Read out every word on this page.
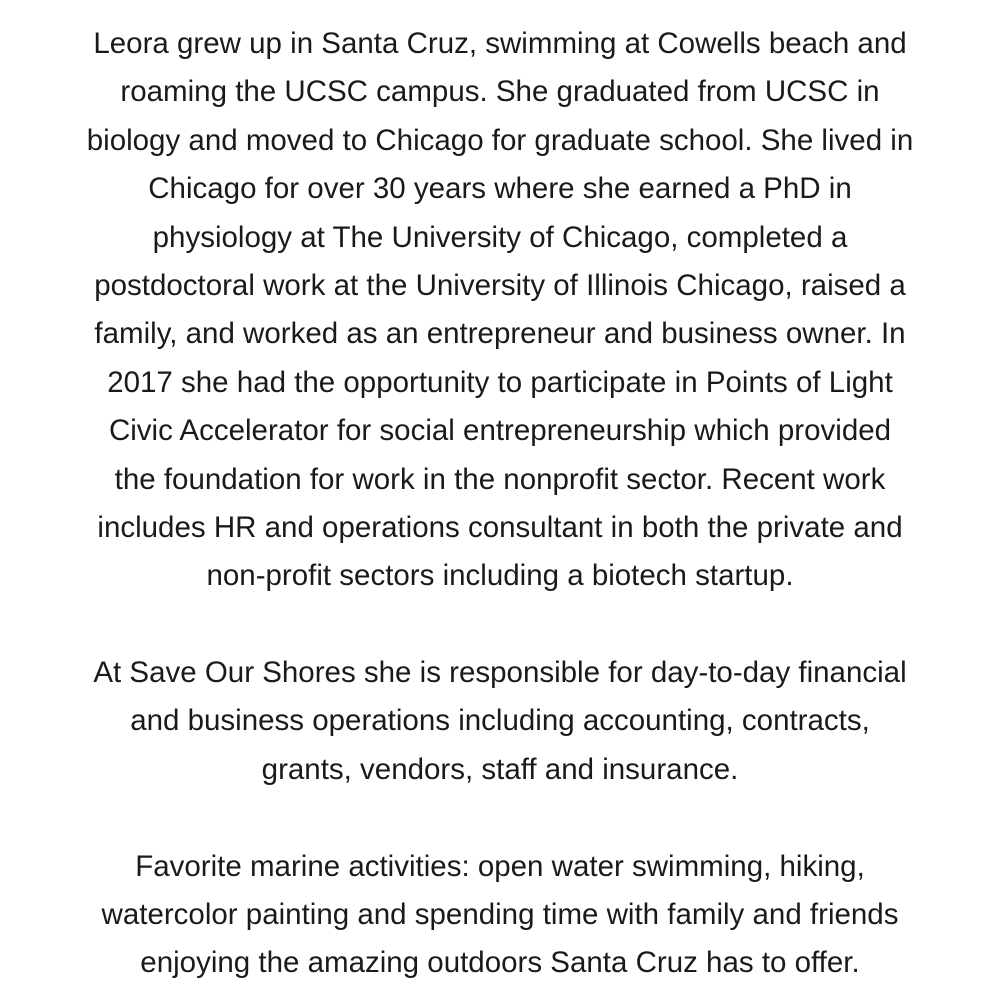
Leora grew up in Santa Cruz, swimming at Cowells beach and
roaming the UCSC campus. She graduated from UCSC in
biology and moved to Chicago for graduate school. She lived in
Chicago for over 30 years where she earned a PhD in
physiology at The University of Chicago, completed a
postdoctoral work at the University of Illinois Chicago, raised a
family, and worked as an entrepreneur and business owner. In
2017 she had the opportunity to participate in Points of Light
Civic Accelerator for social entrepreneurship which provided
the foundation for work in the nonprofit sector. Recent work
includes HR and operations consultant in both the private and
non-profit sectors including a biotech startup.
At Save Our Shores she is responsible for day-to-day financial
and business operations including accounting, contracts,
grants, vendors, staff and insurance.
Favorite marine activities: open water swimming, hiking,
watercolor painting and spending time with family and friends
enjoying the amazing outdoors Santa Cruz has to offer.
